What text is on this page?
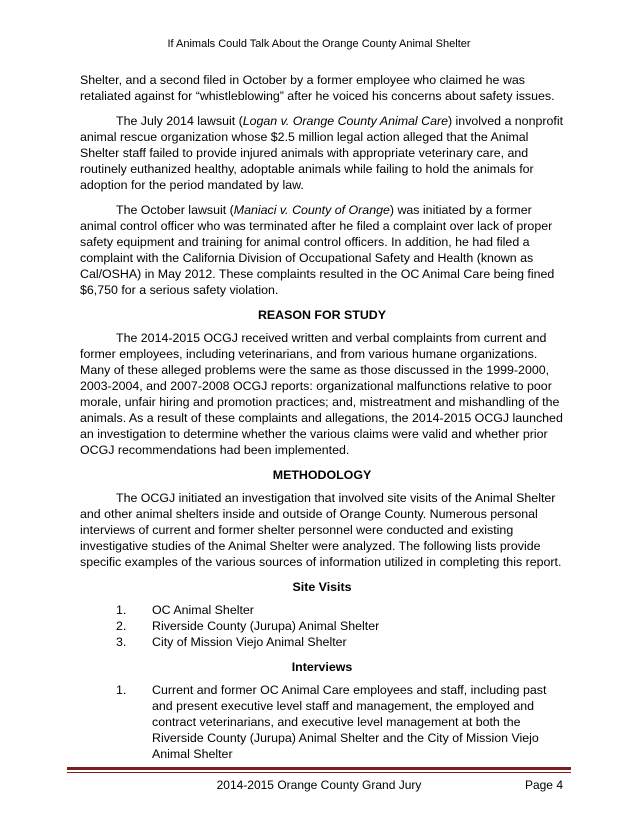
If Animals Could Talk About the Orange County Animal Shelter

Shelter, and a second filed in October by a former employee who claimed he was retaliated against for “whistleblowing” after he voiced his concerns about safety issues.

The July 2014 lawsuit (Logan v. Orange County Animal Care) involved a nonprofit animal rescue organization whose $2.5 million legal action alleged that the Animal Shelter staff failed to provide injured animals with appropriate veterinary care, and routinely euthanized healthy, adoptable animals while failing to hold the animals for adoption for the period mandated by law.

The October lawsuit (Maniaci v. County of Orange) was initiated by a former animal control officer who was terminated after he filed a complaint over lack of proper safety equipment and training for animal control officers. In addition, he had filed a complaint with the California Division of Occupational Safety and Health (known as Cal/OSHA) in May 2012. These complaints resulted in the OC Animal Care being fined $6,750 for a serious safety violation.

REASON FOR STUDY

The 2014-2015 OCGJ received written and verbal complaints from current and former employees, including veterinarians, and from various humane organizations. Many of these alleged problems were the same as those discussed in the 1999-2000, 2003-2004, and 2007-2008 OCGJ reports: organizational malfunctions relative to poor morale, unfair hiring and promotion practices; and, mistreatment and mishandling of the animals. As a result of these complaints and allegations, the 2014-2015 OCGJ launched an investigation to determine whether the various claims were valid and whether prior OCGJ recommendations had been implemented.

METHODOLOGY

The OCGJ initiated an investigation that involved site visits of the Animal Shelter and other animal shelters inside and outside of Orange County. Numerous personal interviews of current and former shelter personnel were conducted and existing investigative studies of the Animal Shelter were analyzed. The following lists provide specific examples of the various sources of information utilized in completing this report.

Site Visits
1.	OC Animal Shelter
2.	Riverside County (Jurupa) Animal Shelter
3.	City of Mission Viejo Animal Shelter
Interviews
1.	Current and former OC Animal Care employees and staff, including past and present executive level staff and management, the employed and contract veterinarians, and executive level management at both the Riverside County (Jurupa) Animal Shelter and the City of Mission Viejo Animal Shelter
2014-2015 Orange County Grand Jury	Page 4
